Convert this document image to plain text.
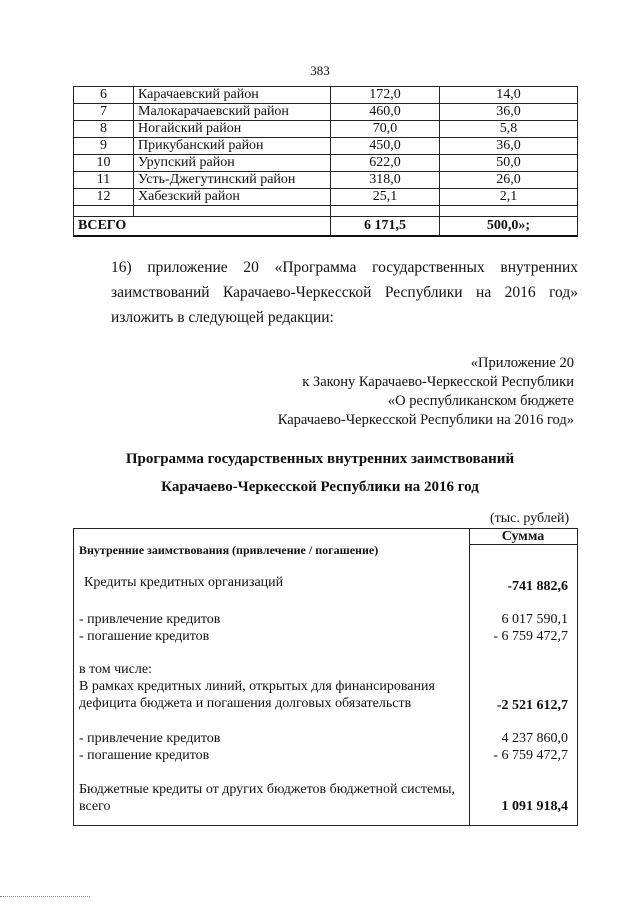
383
6	Карачаевский район	172,0	14,0
7	Малокарачаевский район	460,0	36,0
8	Ногайский район	70,0	5,8
9	Прикубанский район	450,0	36,0
10	Урупский район	622,0	50,0
11	Усть-Джегутинский район	318,0	26,0
12	Хабезский район	25,1	2,1

ВСЕГО		6 171,5	500,0»;
16) приложение 20 «Программа государственных внутренних заимствований Карачаево-Черкесской Республики на 2016 год» изложить в следующей редакции:
«Приложение 20
к Закону Карачаево-Черкесской Республики
«О республиканском бюджете
Карачаево-Черкесской Республики на 2016 год»
Программа государственных внутренних заимствований
Карачаево-Черкесской Республики на 2016 год
(тыс. рублей)
Сумма
Внутренние заимствования (привлечение / погашение)
Кредиты кредитных организаций	-741 882,6
- привлечение кредитов	6 017 590,1
- погашение кредитов	- 6 759 472,7
в том числе:
В рамках кредитных линий, открытых для финансирования дефицита бюджета и погашения долговых обязательств	-2 521 612,7
- привлечение кредитов	4 237 860,0
- погашение кредитов	- 6 759 472,7
Бюджетные кредиты от других бюджетов бюджетной системы, всего	1 091 918,4
